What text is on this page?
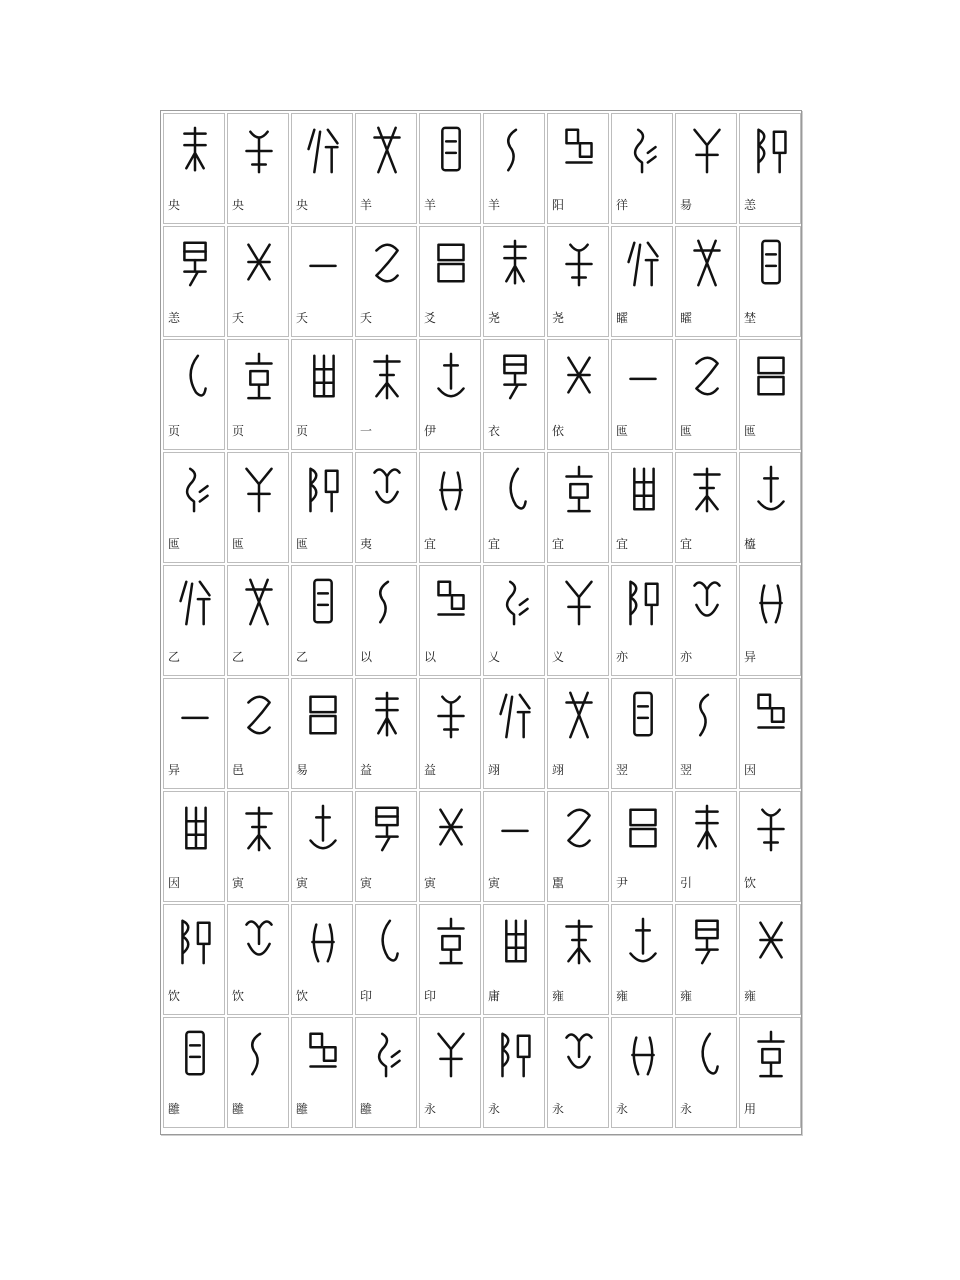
央	央	央	羊	羊	羊	阳	徉	昜	恙
恙	夭	夭	夭	爻	尧	尧	矐	矐	埜
页	页	页	一	伊	衣	依	匜	匜	匜
匜	匜	匜	夷	宜	宜	宜	宜	宜	橀
乙	乙	乙	以	以	乂	义	亦	亦	异
异	邑	易	益	益	翊	翊	翌	翌	因
因	寅	寅	寅	寅	寅	嚚	尹	引	饮
饮	饮	饮	印	印	庸	雍	雍	雍	雍
雝	雝	雝	雝	永	永	永	永	永	用
